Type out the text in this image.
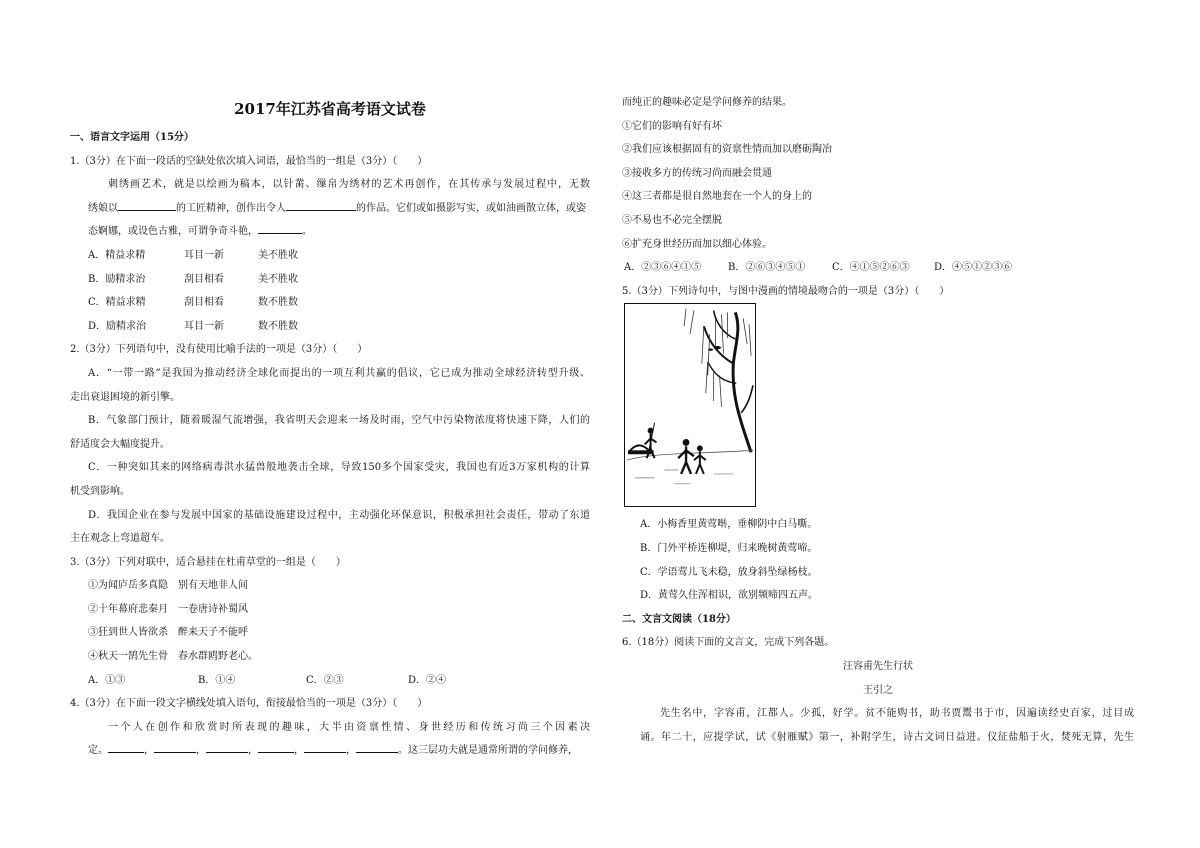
2017年江苏省高考语文试卷
一、语言文字运用（15分）
1.（3分）在下面一段话的空缺处依次填入词语，最恰当的一组是（3分）（　　）
刺绣画艺术，就是以绘画为稿本，以针黹、缫帛为绣材的艺术再创作，在其传承与发展过程中，无数
绣娘以	的工匠精神，创作出令人	的作品。它们或如摄影写实，或如油画散立体，或姿
态婀娜，或设色古雅，可谓争奇斗艳，	。
A．精益求精	耳目一新	美不胜收
B．励精求治	刮目相看	美不胜收
C．精益求精	刮目相看	数不胜数
D．励精求治	耳目一新	数不胜数
2.（3分）下列语句中，没有使用比喻手法的一项是（3分）（　　）
A．“一带一路”是我国为推动经济全球化而提出的一项互利共赢的倡议，它已成为推动全球经济转型升级、
走出衰退困境的新引擎。
B．气象部门预计，随着暖湿气流增强，我省明天会迎来一场及时雨，空气中污染物浓度将快速下降，人们的
舒适度会大幅度提升。
C．一种突如其来的网络病毒洪水猛兽般地袭击全球，导致150多个国家受灾，我国也有近3万家机构的计算
机受到影响。
D．我国企业在参与发展中国家的基础设施建设过程中，主动强化环保意识，积极承担社会责任，带动了东道
主在观念上弯道超车。
3.（3分）下列对联中，适合悬挂在杜甫草堂的一组是（　　）
①为闻庐岳多真隐　别有天地非人间
②十年幕府悲秦月　一卷唐诗补蜀风
③狂到世人皆欲杀　醉来天子不能呼
④秋天一鹄先生骨　春水群鸥野老心。
A．①③	B．①④	C．②③	D．②④
4.（3分）在下面一段文字横线处填入语句，衔接最恰当的一项是（3分）（　　）
一个人在创作和欣赏时所表现的趣味，大半由资禀性情、身世经历和传统习尚三个因素决
定。	，	，	，	，	，	。这三层功夫就是通常所谓的学问修养，
而纯正的趣味必定是学问修养的结果。
①它们的影响有好有坏
②我们应该根据固有的资禀性情而加以磨砺陶冶
③接收多方的传统习尚而融会贯通
④这三者都是很自然地套在一个人的身上的
⑤不易也不必完全摆脱
⑥扩充身世经历而加以细心体验。
A．②③⑥④①⑤	B．②⑥③④⑤①	C．④①⑤②⑥③	D．④⑤①②③⑥
5.（3分）下列诗句中，与图中漫画的情境最吻合的一项是（3分）（　　）
A．小梅香里黄莺啭，垂柳阴中白马嘶。
B．门外平桥连柳堤，归来晚树黄莺啼。
C．学语莺儿飞未稳，放身斜坠绿杨枝。
D．黄莺久住浑相识，欲别频啼四五声。
二、文言文阅读（18分）
6.（18分）阅读下面的文言文，完成下列各题。
汪容甫先生行状
王引之
先生名中，字容甫，江都人。少孤，好学。贫不能购书，助书贾鬻书于市，因遍读经史百家，过目成
诵。年二十，应提学试，试《射雁赋》第一，补附学生，诗古文词日益进。仪征盐船于火，焚死无算，先生
